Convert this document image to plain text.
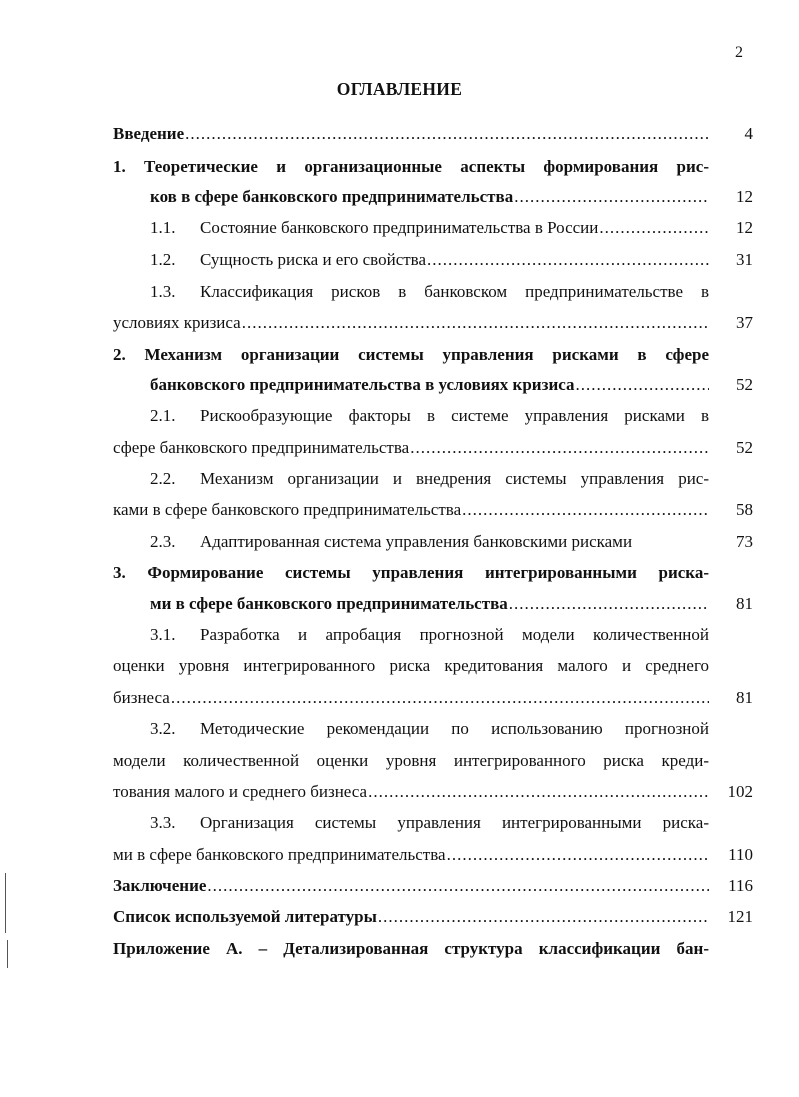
2
ОГЛАВЛЕНИЕ
Введение .....	4
1. Теоретические и организационные аспекты формирования рис-
ков в сфере банковского предпринимательства .....	12
1.1. Состояние банковского предпринимательства в России .....	12
1.2. Сущность риска и его свойства .....	31
1.3. Классификация рисков в банковском предпринимательстве в
условиях кризиса .....	37
2. Механизм организации системы управления рисками в сфере
банковского предпринимательства в условиях кризиса .....	52
2.1. Рискообразующие факторы в системе управления рисками в
сфере банковского предпринимательства .....	52
2.2. Механизм организации и внедрения системы управления рис-
ками в сфере банковского предпринимательства .....	58
2.3. Адаптированная система управления банковскими рисками	73
3. Формирование системы управления интегрированными риска-
ми в сфере банковского предпринимательства .....	81
3.1. Разработка и апробация прогнозной модели количественной
оценки уровня интегрированного риска кредитования малого и среднего
бизнеса .....	81
3.2. Методические рекомендации по использованию прогнозной
модели количественной оценки уровня интегрированного риска креди-
тования малого и среднего бизнеса .....	102
3.3. Организация системы управления интегрированными риска-
ми в сфере банковского предпринимательства .....	110
Заключение .....	116
Список используемой литературы .....	121
Приложение А. – Детализированная структура классификации бан-
